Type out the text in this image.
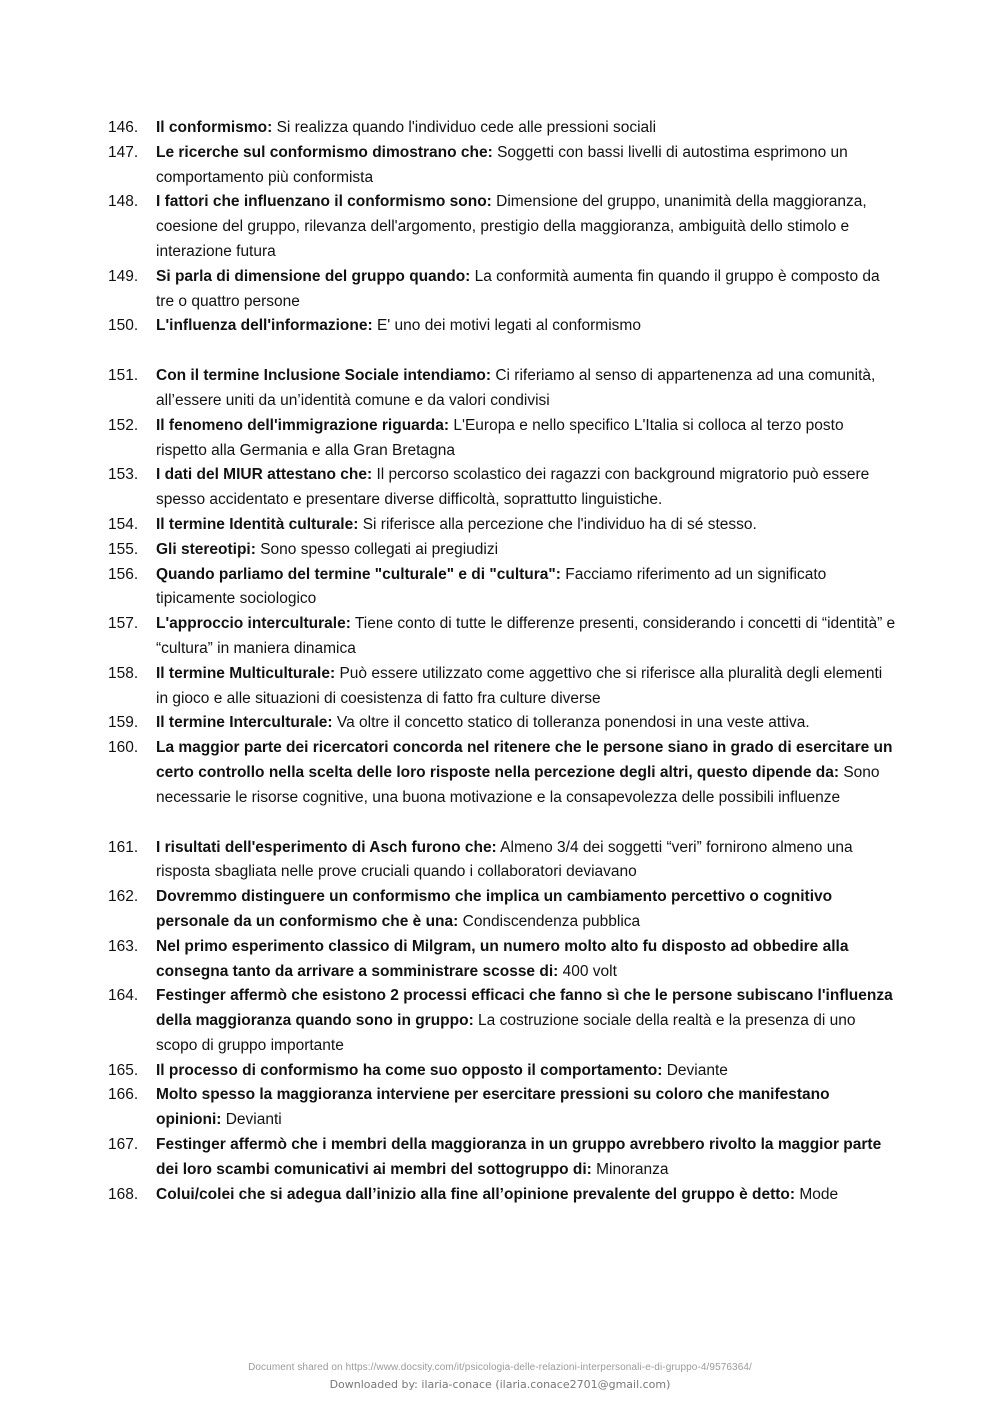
146.	Il conformismo: Si realizza quando l'individuo cede alle pressioni sociali
147.	Le ricerche sul conformismo dimostrano che: Soggetti con bassi livelli di autostima esprimono un comportamento più conformista
148.	I fattori che influenzano il conformismo sono: Dimensione del gruppo, unanimità della maggioranza, coesione del gruppo, rilevanza dell'argomento, prestigio della maggioranza, ambiguità dello stimolo e interazione futura
149.	Si parla di dimensione del gruppo quando: La conformità aumenta fin quando il gruppo è composto da tre o quattro persone
150.	L'influenza dell'informazione: E' uno dei motivi legati al conformismo
151.	Con il termine Inclusione Sociale intendiamo: Ci riferiamo al senso di appartenenza ad una comunità, all’essere uniti da un’identità comune e da valori condivisi
152.	Il fenomeno dell'immigrazione riguarda: L'Europa e nello specifico L'Italia si colloca al terzo posto rispetto alla Germania e alla Gran Bretagna
153.	I dati del MIUR attestano che: Il percorso scolastico dei ragazzi con background migratorio può essere spesso accidentato e presentare diverse difficoltà, soprattutto linguistiche.
154.	Il termine Identità culturale: Si riferisce alla percezione che l'individuo ha di sé stesso.
155.	Gli stereotipi: Sono spesso collegati ai pregiudizi
156.	Quando parliamo del termine "culturale" e di "cultura": Facciamo riferimento ad un significato tipicamente sociologico
157.	L'approccio interculturale: Tiene conto di tutte le differenze presenti, considerando i concetti di “identità” e “cultura” in maniera dinamica
158.	Il termine Multiculturale: Può essere utilizzato come aggettivo che si riferisce alla pluralità degli elementi in gioco e alle situazioni di coesistenza di fatto fra culture diverse
159.	Il termine Interculturale: Va oltre il concetto statico di tolleranza ponendosi in una veste attiva.
160.	La maggior parte dei ricercatori concorda nel ritenere che le persone siano in grado di esercitare un certo controllo nella scelta delle loro risposte nella percezione degli altri, questo dipende da: Sono necessarie le risorse cognitive, una buona motivazione e la consapevolezza delle possibili influenze
161.	I risultati dell'esperimento di Asch furono che: Almeno 3/4 dei soggetti “veri” fornirono almeno una risposta sbagliata nelle prove cruciali quando i collaboratori deviavano
162.	Dovremmo distinguere un conformismo che implica un cambiamento percettivo o cognitivo personale da un conformismo che è una: Condiscendenza pubblica
163.	Nel primo esperimento classico di Milgram, un numero molto alto fu disposto ad obbedire alla consegna tanto da arrivare a somministrare scosse di: 400 volt
164.	Festinger affermò che esistono 2 processi efficaci che fanno sì che le persone subiscano l'influenza della maggioranza quando sono in gruppo: La costruzione sociale della realtà e la presenza di uno scopo di gruppo importante
165.	Il processo di conformismo ha come suo opposto il comportamento: Deviante
166.	Molto spesso la maggioranza interviene per esercitare pressioni su coloro che manifestano opinioni: Devianti
167.	Festinger affermò che i membri della maggioranza in un gruppo avrebbero rivolto la maggior parte dei loro scambi comunicativi ai membri del sottogruppo di: Minoranza
168.	Colui/colei che si adegua dall’inizio alla fine all’opinione prevalente del gruppo è detto: Mode
Document shared on https://www.docsity.com/it/psicologia-delle-relazioni-interpersonali-e-di-gruppo-4/9576364/
Downloaded by: ilaria-conace (ilaria.conace2701@gmail.com)
